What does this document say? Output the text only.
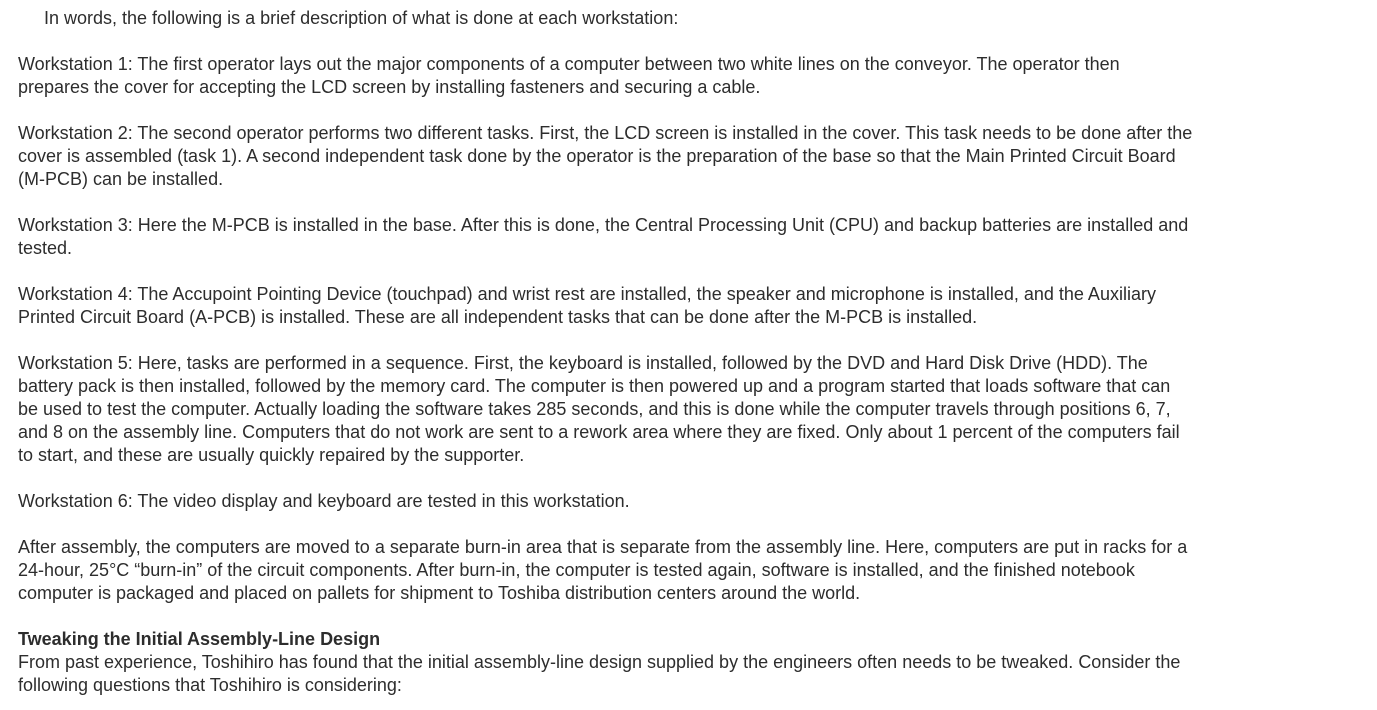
In words, the following is a brief description of what is done at each workstation:

Workstation 1: The first operator lays out the major components of a computer between two white lines on the conveyor. The operator then prepares the cover for accepting the LCD screen by installing fasteners and securing a cable.

Workstation 2: The second operator performs two different tasks. First, the LCD screen is installed in the cover. This task needs to be done after the cover is assembled (task 1). A second independent task done by the operator is the preparation of the base so that the Main Printed Circuit Board (M-PCB) can be installed.

Workstation 3: Here the M-PCB is installed in the base. After this is done, the Central Processing Unit (CPU) and backup batteries are installed and tested.

Workstation 4: The Accupoint Pointing Device (touchpad) and wrist rest are installed, the speaker and microphone is installed, and the Auxiliary Printed Circuit Board (A-PCB) is installed. These are all independent tasks that can be done after the M-PCB is installed.

Workstation 5: Here, tasks are performed in a sequence. First, the keyboard is installed, followed by the DVD and Hard Disk Drive (HDD). The battery pack is then installed, followed by the memory card. The computer is then powered up and a program started that loads software that can be used to test the computer. Actually loading the software takes 285 seconds, and this is done while the computer travels through positions 6, 7, and 8 on the assembly line. Computers that do not work are sent to a rework area where they are fixed. Only about 1 percent of the computers fail to start, and these are usually quickly repaired by the supporter.

Workstation 6: The video display and keyboard are tested in this workstation.

After assembly, the computers are moved to a separate burn-in area that is separate from the assembly line. Here, computers are put in racks for a 24-hour, 25°C “burn-in” of the circuit components. After burn-in, the computer is tested again, software is installed, and the finished notebook computer is packaged and placed on pallets for shipment to Toshiba distribution centers around the world.

Tweaking the Initial Assembly-Line Design

From past experience, Toshihiro has found that the initial assembly-line design supplied by the engineers often needs to be tweaked. Consider the following questions that Toshihiro is considering:
